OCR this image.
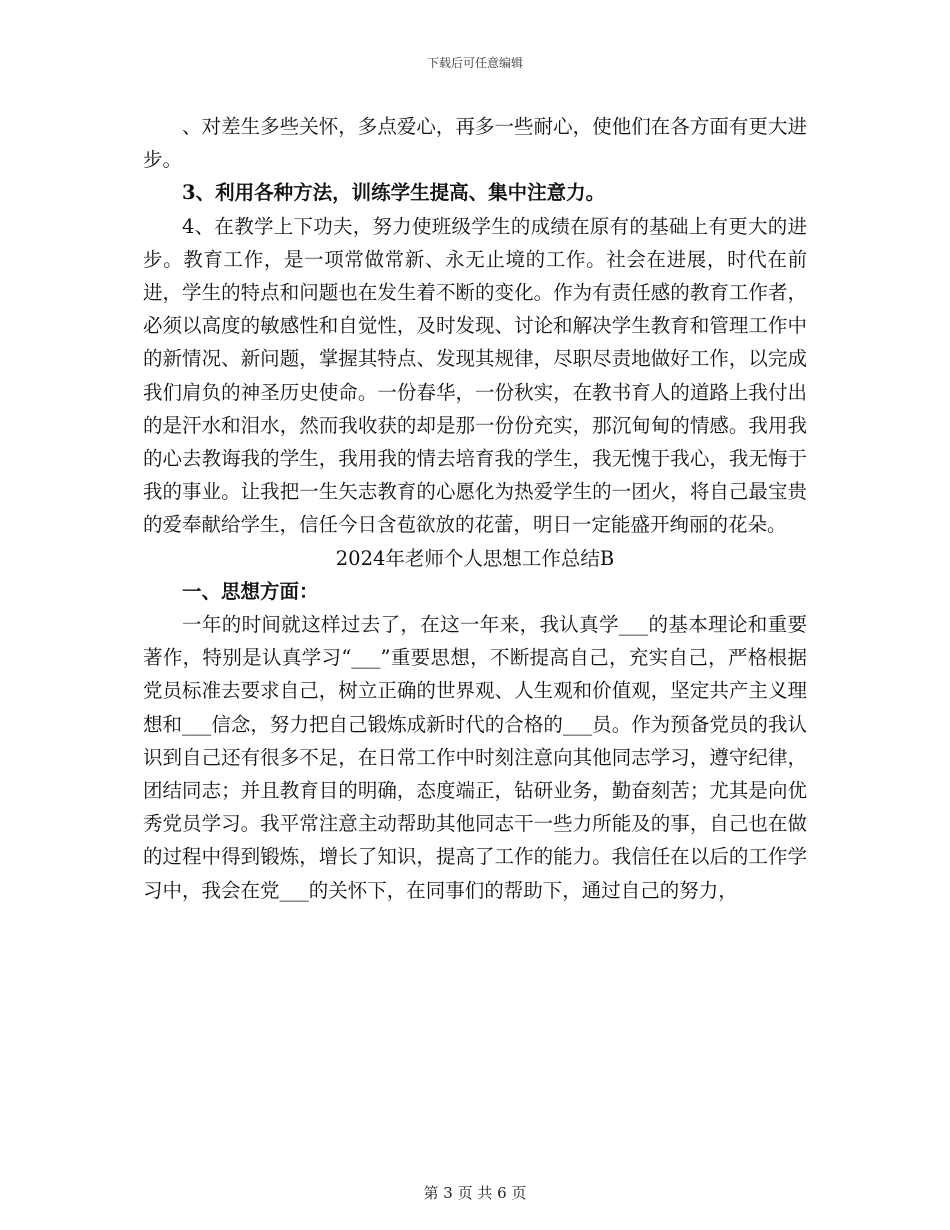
下载后可任意编辑

、对差生多些关怀，多点爱心，再多一些耐心，使他们在各方面有更大进步。

3、利用各种方法，训练学生提高、集中注意力。

4、在教学上下功夫，努力使班级学生的成绩在原有的基础上有更大的进步。教育工作，是一项常做常新、永无止境的工作。社会在进展，时代在前进，学生的特点和问题也在发生着不断的变化。作为有责任感的教育工作者，必须以高度的敏感性和自觉性，及时发现、讨论和解决学生教育和管理工作中的新情况、新问题，掌握其特点、发现其规律，尽职尽责地做好工作，以完成我们肩负的神圣历史使命。一份春华，一份秋实，在教书育人的道路上我付出的是汗水和泪水，然而我收获的却是那一份份充实，那沉甸甸的情感。我用我的心去教诲我的学生，我用我的情去培育我的学生，我无愧于我心，我无悔于我的事业。让我把一生矢志教育的心愿化为热爱学生的一团火，将自己最宝贵的爱奉献给学生，信任今日含苞欲放的花蕾，明日一定能盛开绚丽的花朵。

2024年老师个人思想工作总结B

一、思想方面：

一年的时间就这样过去了，在这一年来，我认真学___的基本理论和重要著作，特别是认真学习“___”重要思想，不断提高自己，充实自己，严格根据党员标准去要求自己，树立正确的世界观、人生观和价值观，坚定共产主义理想和___信念，努力把自己锻炼成新时代的合格的___员。作为预备党员的我认识到自己还有很多不足，在日常工作中时刻注意向其他同志学习，遵守纪律，团结同志；并且教育目的明确，态度端正，钻研业务，勤奋刻苦；尤其是向优秀党员学习。我平常注意主动帮助其他同志干一些力所能及的事，自己也在做的过程中得到锻炼，增长了知识，提高了工作的能力。我信任在以后的工作学习中，我会在党___的关怀下，在同事们的帮助下，通过自己的努力，

第 3 页 共 6 页
